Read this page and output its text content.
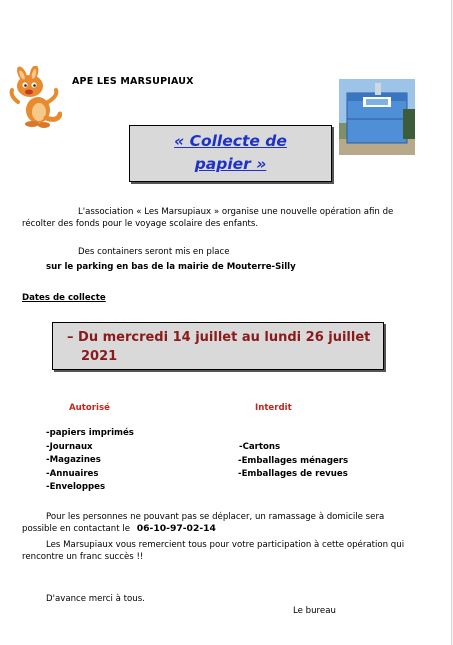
APE LES MARSUPIAUX
« Collecte de
papier »
L'association « Les Marsupiaux » organise une nouvelle opération afin de
récolter des fonds pour le voyage scolaire des enfants.
Des containers seront mis en place
sur le parking en bas de la mairie de Mouterre-Silly
Dates de collecte
– Du mercredi 14 juillet au lundi 26 juillet
2021
Autorisé	Interdit
-papiers imprimés
-Journaux
-Magazines
-Annuaires
-Enveloppes
-Cartons
-Emballages ménagers
-Emballages de revues
Pour les personnes ne pouvant pas se déplacer, un ramassage à domicile sera
possible en contactant le 06-10-97-02-14
Les Marsupiaux vous remercient tous pour votre participation à cette opération qui
rencontre un franc succès !!
D'avance merci à tous.
Le bureau
